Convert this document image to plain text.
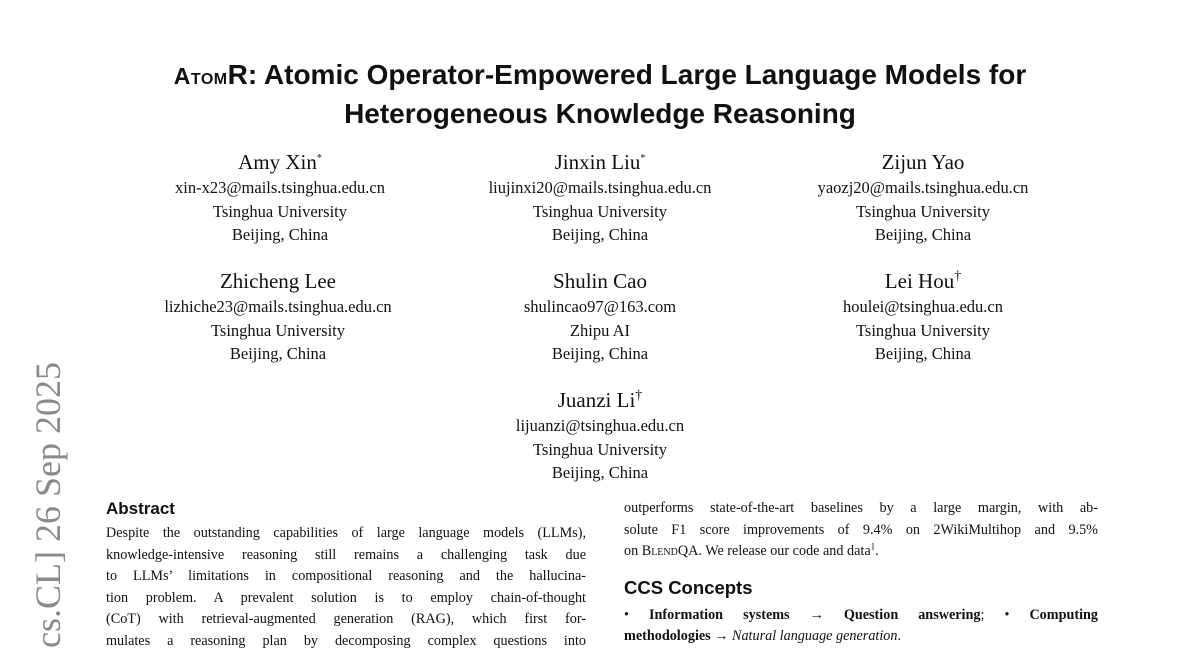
cs.CL] 26 Sep 2025
AtomR: Atomic Operator-Empowered Large Language Models for
Heterogeneous Knowledge Reasoning
Amy Xin*
xin-x23@mails.tsinghua.edu.cn
Tsinghua University
Beijing, China
Jinxin Liu*
liujinxi20@mails.tsinghua.edu.cn
Tsinghua University
Beijing, China
Zijun Yao
yaozj20@mails.tsinghua.edu.cn
Tsinghua University
Beijing, China
Zhicheng Lee
lizhiche23@mails.tsinghua.edu.cn
Tsinghua University
Beijing, China
Shulin Cao
shulincao97@163.com
Zhipu AI
Beijing, China
Lei Hou†
houlei@tsinghua.edu.cn
Tsinghua University
Beijing, China
Juanzi Li†
lijuanzi@tsinghua.edu.cn
Tsinghua University
Beijing, China
Abstract
Despite the outstanding capabilities of large language models (LLMs),
knowledge-intensive reasoning still remains a challenging task due
to LLMs’ limitations in compositional reasoning and the hallucina-
tion problem. A prevalent solution is to employ chain-of-thought
(CoT) with retrieval-augmented generation (RAG), which first for-
mulates a reasoning plan by decomposing complex questions into
outperforms state-of-the-art baselines by a large margin, with ab-
solute F1 score improvements of 9.4% on 2WikiMultihop and 9.5%
on BlendQA. We release our code and data$^1$.
CCS Concepts
• Information systems → Question answering; • Computing
methodologies → Natural language generation.
